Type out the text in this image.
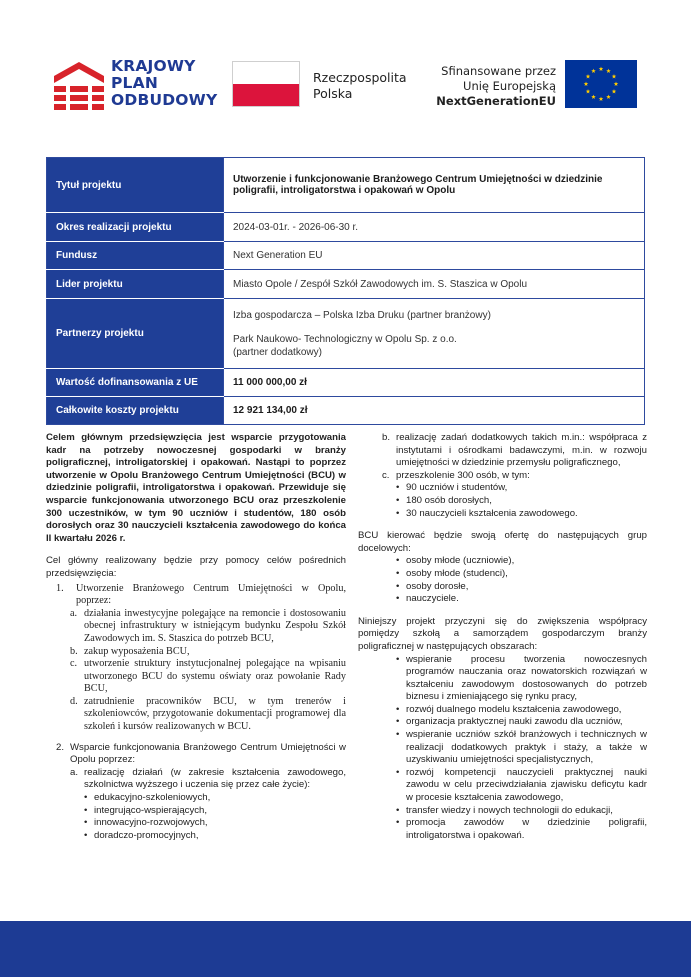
KRAJOWY
PLAN
ODBUDOWY
Rzeczpospolita
Polska
Sfinansowane przez
Unię Europejską
NextGenerationEU
Tytuł projektu	Utworzenie i funkcjonowanie Branżowego Centrum Umiejętności w dziedzinie poligrafii, introligatorstwa i opakowań w Opolu
Okres realizacji projektu	2024-03-01r. - 2026-06-30 r.
Fundusz	Next Generation EU
Lider projektu	Miasto Opole / Zespół Szkół Zawodowych im. S. Staszica w Opolu
Partnerzy projektu	Izba gospodarcza – Polska Izba Druku (partner branżowy)

Park Naukowo- Technologiczny w Opolu Sp. z o.o.

(partner dodatkowy)

Wartość dofinansowania z UE	11 000 000,00 zł
Całkowite koszty projektu	12 921 134,00 zł

Celem głównym przedsięwzięcia jest wsparcie przygotowania kadr na potrzeby nowoczesnej gospodarki w branży poligraficznej, introligatorskiej i opakowań. Nastąpi to poprzez utworzenie w Opolu Branżowego Centrum Umiejętności (BCU) w dziedzinie poligrafii, introligatorstwa i opakowań. Przewiduje się wsparcie funkcjonowania utworzonego BCU oraz przeszkolenie 300 uczestników, w tym 90 uczniów i studentów, 180 osób dorosłych oraz 30 nauczycieli kształcenia zawodowego do końca II kwartału 2026 r.

Cel główny realizowany będzie przy pomocy celów pośrednich przedsięwzięcia:

1.	Utworzenie Branżowego Centrum Umiejętności w Opolu, poprzez:
a. działania inwestycyjne polegające na remoncie i dostosowaniu obecnej infrastruktury w istniejącym budynku Zespołu Szkół Zawodowych im. S. Staszica do potrzeb BCU,
b. zakup wyposażenia BCU,
c. utworzenie struktury instytucjonalnej polegające na wpisaniu utworzonego BCU do systemu oświaty oraz powołanie Rady BCU,
d. zatrudnienie pracowników BCU, w tym trenerów i szkoleniowców, przygotowanie dokumentacji programowej dla szkoleń i kursów realizowanych w BCU.
2. Wsparcie funkcjonowania Branżowego Centrum Umiejętności w Opolu poprzez:
a. realizację działań (w zakresie kształcenia zawodowego, szkolnictwa wyższego i uczenia się przez całe życie):
•
edukacyjno-szkoleniowych,
•
integrująco-wspierających,
•
innowacyjno-rozwojowych,
•
doradczo-promocyjnych,
b. realizację zadań dodatkowych takich m.in.: współpraca z instytutami i ośrodkami badawczymi, m.in. w rozwoju umiejętności w dziedzinie przemysłu poligraficznego,
c. przeszkolenie 300 osób, w tym:
•
90 uczniów i studentów,
•
180 osób dorosłych,
•
30 nauczycieli kształcenia zawodowego.

BCU kierować będzie swoją ofertę do następujących grup docelowych:

•
osoby młode (uczniowie),
•
osoby młode (studenci),
•
osoby dorosłe,
•
nauczyciele.

Niniejszy projekt przyczyni się do zwiększenia współpracy pomiędzy szkołą a samorządem gospodarczym branży poligraficznej w następujących obszarach:

•
wspieranie procesu tworzenia nowoczesnych programów nauczania oraz nowatorskich rozwiązań w kształceniu zawodowym dostosowanych do potrzeb biznesu i zmieniającego się rynku pracy,
•
rozwój dualnego modelu kształcenia zawodowego,
•
organizacja praktycznej nauki zawodu dla uczniów,
•
wspieranie uczniów szkół branżowych i technicznych w realizacji dodatkowych praktyk i staży, a także w uzyskiwaniu umiejętności specjalistycznych,
•
rozwój kompetencji nauczycieli praktycznej nauki zawodu w celu przeciwdziałania zjawisku deficytu kadr w procesie kształcenia zawodowego,
•
transfer wiedzy i nowych technologii do edukacji,
•
promocja zawodów w dziedzinie poligrafii, introligatorstwa i opakowań.
